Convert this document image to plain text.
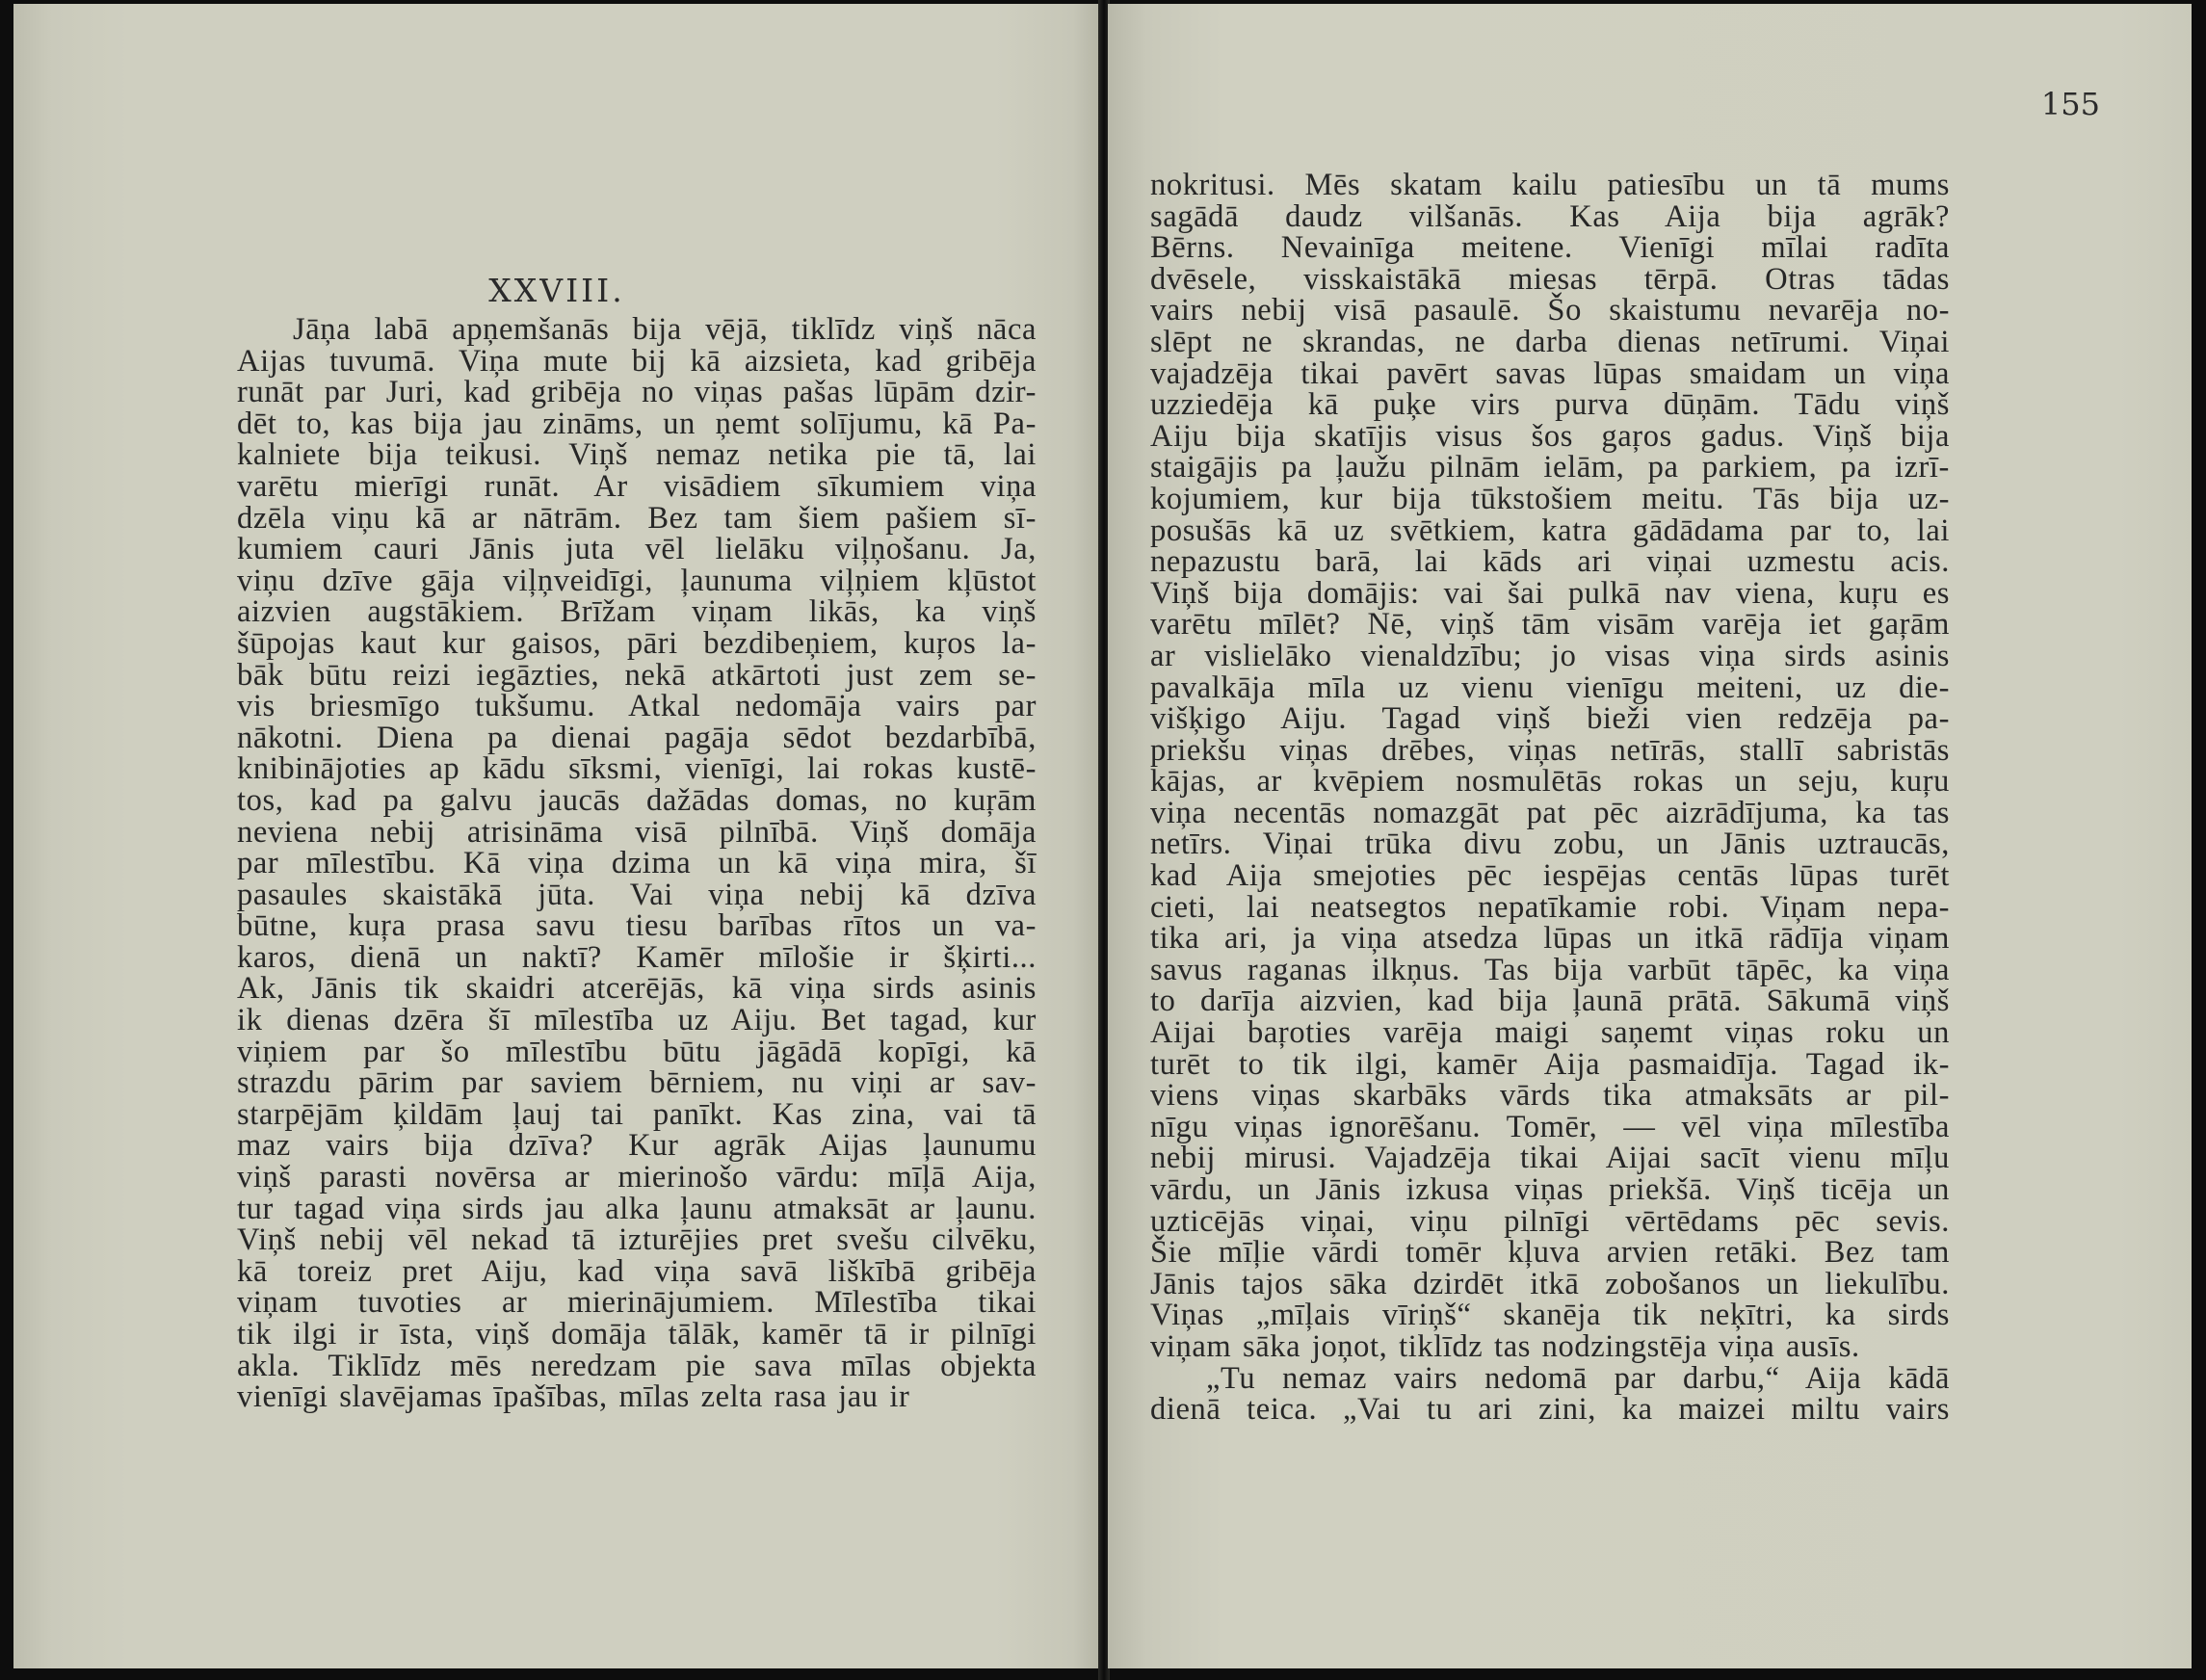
XXVIII.
Jāņa labā apņemšanās bija vējā, tiklīdz viņš nāca
Aijas tuvumā. Viņa mute bij kā aizsieta, kad gribēja
runāt par Juri, kad gribēja no viņas pašas lūpām dzir-
dēt to, kas bija jau zināms, un ņemt solījumu, kā Pa-
kalniete bija teikusi. Viņš nemaz netika pie tā, lai
varētu mierīgi runāt. Ar visādiem sīkumiem viņa
dzēla viņu kā ar nātrām. Bez tam šiem pašiem sī-
kumiem cauri Jānis juta vēl lielāku viļņošanu. Ja,
viņu dzīve gāja viļņveidīgi, ļaunuma viļņiem kļūstot
aizvien augstākiem. Brīžam viņam likās, ka viņš
šūpojas kaut kur gaisos, pāri bezdibeņiem, kuŗos la-
bāk būtu reizi iegāzties, nekā atkārtoti just zem se-
vis briesmīgo tukšumu. Atkal nedomāja vairs par
nākotni. Diena pa dienai pagāja sēdot bezdarbībā,
knibinājoties ap kādu sīksmi, vienīgi, lai rokas kustē-
tos, kad pa galvu jaucās dažādas domas, no kuŗām
neviena nebij atrisināma visā pilnībā. Viņš domāja
par mīlestību. Kā viņa dzima un kā viņa mira, šī
pasaules skaistākā jūta. Vai viņa nebij kā dzīva
būtne, kuŗa prasa savu tiesu barības rītos un va-
karos, dienā un naktī? Kamēr mīlošie ir šķirti...
Ak, Jānis tik skaidri atcerējās, kā viņa sirds asinis
ik dienas dzēra šī mīlestība uz Aiju. Bet tagad, kur
viņiem par šo mīlestību būtu jāgādā kopīgi, kā
strazdu pārim par saviem bērniem, nu viņi ar sav-
starpējām ķildām ļauj tai panīkt. Kas zina, vai tā
maz vairs bija dzīva? Kur agrāk Aijas ļaunumu
viņš parasti novērsa ar mierinošo vārdu: mīļā Aija,
tur tagad viņa sirds jau alka ļaunu atmaksāt ar ļaunu.
Viņš nebij vēl nekad tā izturējies pret svešu cilvēku,
kā toreiz pret Aiju, kad viņa savā liškībā gribēja
viņam tuvoties ar mierinājumiem. Mīlestība tikai
tik ilgi ir īsta, viņš domāja tālāk, kamēr tā ir pilnīgi
akla. Tiklīdz mēs neredzam pie sava mīlas objekta
vienīgi slavējamas īpašības, mīlas zelta rasa jau ir
155
nokritusi. Mēs skatam kailu patiesību un tā mums
sagādā daudz vilšanās. Kas Aija bija agrāk?
Bērns. Nevainīga meitene. Vienīgi mīlai radīta
dvēsele, visskaistākā miesas tērpā. Otras tādas
vairs nebij visā pasaulē. Šo skaistumu nevarēja no-
slēpt ne skrandas, ne darba dienas netīrumi. Viņai
vajadzēja tikai pavērt savas lūpas smaidam un viņa
uzziedēja kā puķe virs purva dūņām. Tādu viņš
Aiju bija skatījis visus šos gaŗos gadus. Viņš bija
staigājis pa ļaužu pilnām ielām, pa parkiem, pa izrī-
kojumiem, kur bija tūkstošiem meitu. Tās bija uz-
posušās kā uz svētkiem, katra gādādama par to, lai
nepazustu barā, lai kāds ari viņai uzmestu acis.
Viņš bija domājis: vai šai pulkā nav viena, kuŗu es
varētu mīlēt? Nē, viņš tām visām varēja iet gaŗām
ar vislielāko vienaldzību; jo visas viņa sirds asinis
pavalkāja mīla uz vienu vienīgu meiteni, uz die-
višķigo Aiju. Tagad viņš bieži vien redzēja pa-
priekšu viņas drēbes, viņas netīrās, stallī sabristās
kājas, ar kvēpiem nosmulētās rokas un seju, kuŗu
viņa necentās nomazgāt pat pēc aizrādījuma, ka tas
netīrs. Viņai trūka divu zobu, un Jānis uztraucās,
kad Aija smejoties pēc iespējas centās lūpas turēt
cieti, lai neatsegtos nepatīkamie robi. Viņam nepa-
tika ari, ja viņa atsedza lūpas un itkā rādīja viņam
savus raganas ilkņus. Tas bija varbūt tāpēc, ka viņa
to darīja aizvien, kad bija ļaunā prātā. Sākumā viņš
Aijai baŗoties varēja maigi saņemt viņas roku un
turēt to tik ilgi, kamēr Aija pasmaidīja. Tagad ik-
viens viņas skarbāks vārds tika atmaksāts ar pil-
nīgu viņas ignorēšanu. Tomēr, — vēl viņa mīlestība
nebij mirusi. Vajadzēja tikai Aijai sacīt vienu mīļu
vārdu, un Jānis izkusa viņas priekšā. Viņš ticēja un
uzticējās viņai, viņu pilnīgi vērtēdams pēc sevis.
Šie mīļie vārdi tomēr kļuva arvien retāki. Bez tam
Jānis tajos sāka dzirdēt itkā zobošanos un liekulību.
Viņas „mīļais vīriņš“ skanēja tik neķītri, ka sirds
viņam sāka joņot, tiklīdz tas nodzingstēja viņa ausīs.
„Tu nemaz vairs nedomā par darbu,“ Aija kādā
dienā teica. „Vai tu ari zini, ka maizei miltu vairs
